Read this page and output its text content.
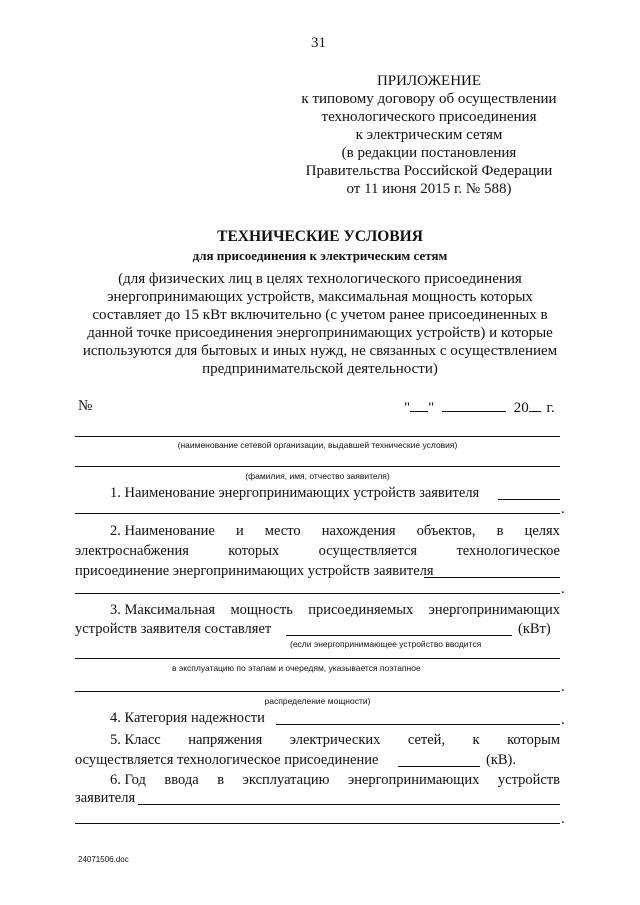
31
ПРИЛОЖЕНИЕ
к типовому договору об осуществлении
технологического присоединения
к электрическим сетям
(в редакции постановления
Правительства Российской Федерации
от 11 июня 2015 г. № 588)
ТЕХНИЧЕСКИЕ УСЛОВИЯ
для присоединения к электрическим сетям
(для физических лиц в целях технологического присоединения
энергопринимающих устройств, максимальная мощность которых
составляет до 15 кВт включительно (с учетом ранее присоединенных в
данной точке присоединения энергопринимающих устройств) и которые
используются для бытовых и иных нужд, не связанных с осуществлением
предпринимательской деятельности)
№	" "	20 г.
(наименование сетевой организации, выдавшей технические условия)
(фамилия, имя, отчество заявителя)
1. Наименование энергопринимающих устройств заявителя
.
2. Наименование и место нахождения объектов, в целях
электроснабжения	которых	осуществляется	технологическое
присоединение энергопринимающих устройств заявителя
.
3. Максимальная мощность присоединяемых энергопринимающих
устройств заявителя составляет	(кВт)
(если энергопринимающее устройство вводится
в эксплуатацию по этапам и очередям, указывается поэтапное
.
распределение мощности)
4. Категория надежности	.
5. Класс напряжения электрических сетей, к которым
осуществляется технологическое присоединение	(кВ).
6. Год ввода в эксплуатацию энергопринимающих устройств
заявителя
.
24071506.doc
